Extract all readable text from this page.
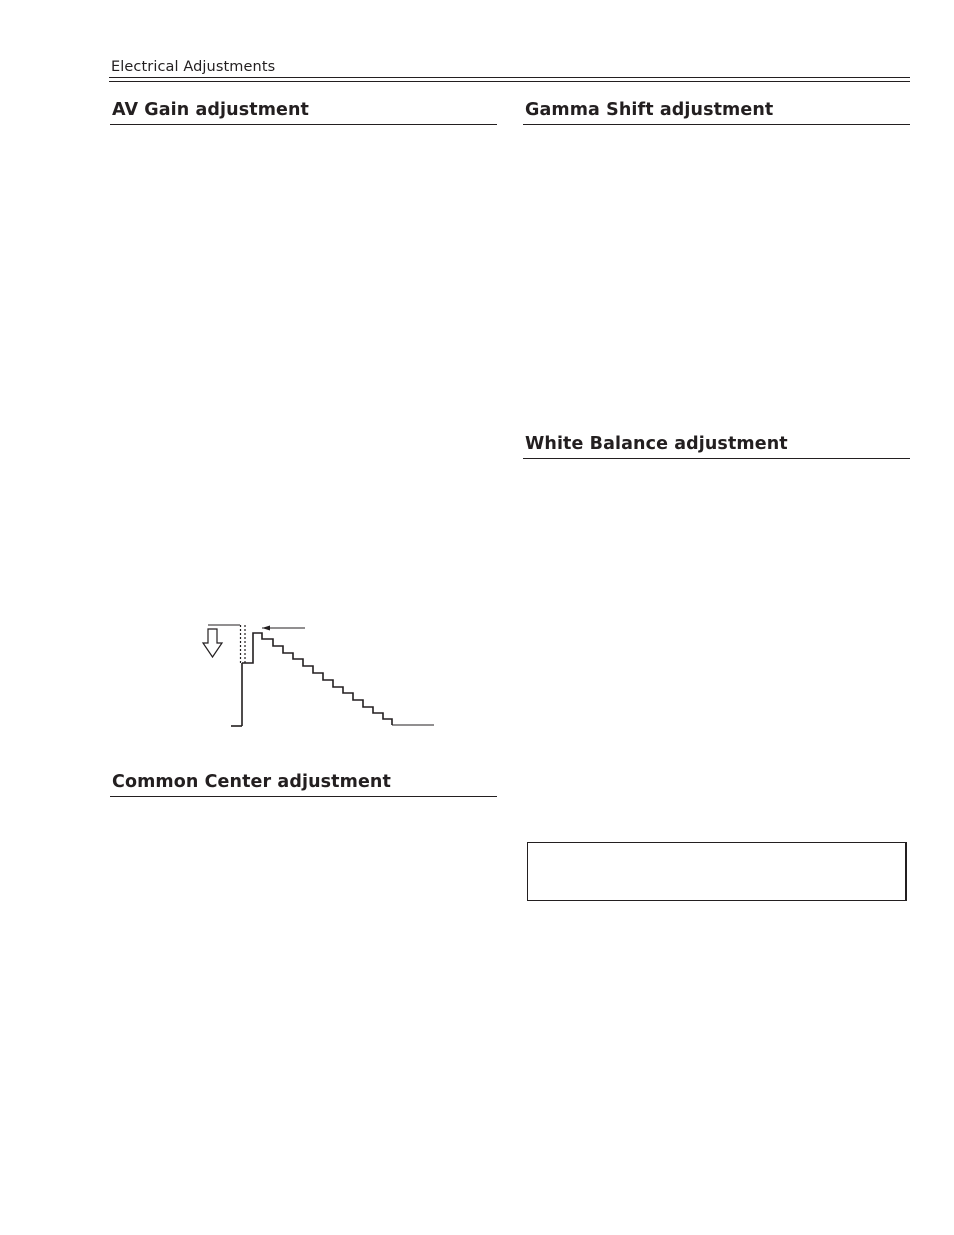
Electrical Adjustments
AV Gain adjustment	Gamma Shift adjustment
White Balance adjustment
Common Center adjustment
